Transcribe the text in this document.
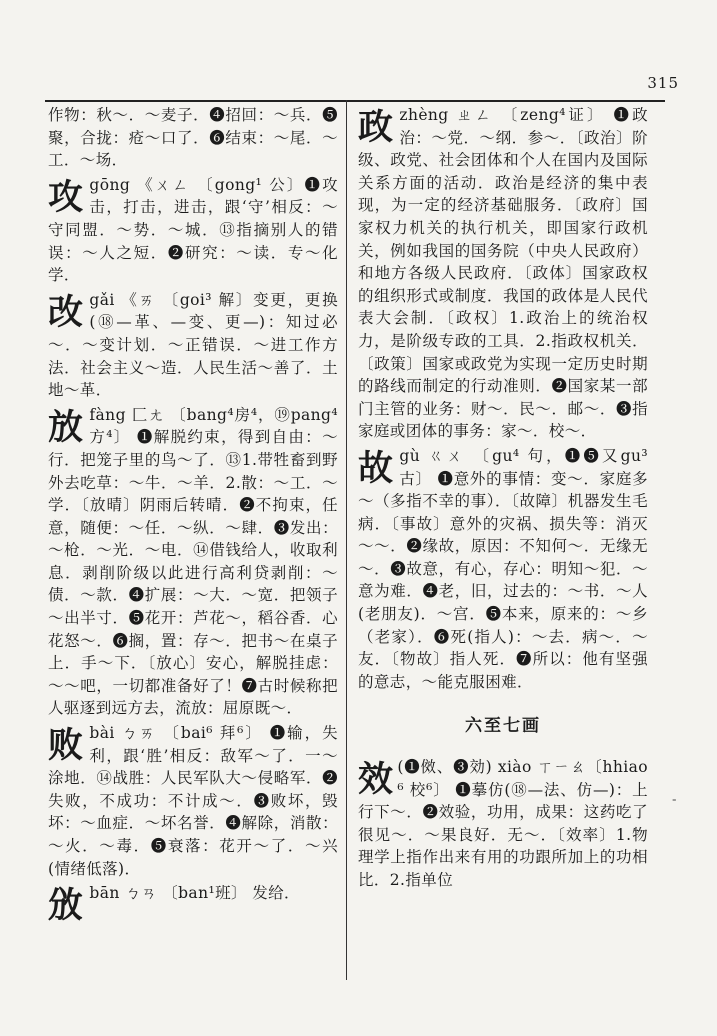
315

作物：秋～．～麦子．❹招回：～兵．❺聚，合拢：疮～口了．❻结束：～尾．～工．～场．

攻 gōng 《ㄨㄥ 〔gong¹ 公〕❶攻击，打击，进击，跟‘守’相反：～守同盟．～势．～城．⑬指摘别人的错误：～人之短．❷研究：～读．专～化学．

改 gǎi 《ㄞ 〔goi³ 解〕变更，更换(⑱—革、—变、更—)：知过必～．～变计划．～正错误．～进工作方法．社会主义～造．人民生活～善了．土地～革．

放 fàng 匚ㄤ 〔bang⁴房⁴，⑲pang⁴方⁴〕 ❶解脱约束，得到自由：～行．把笼子里的鸟～了．⑬1.带牲畜到野外去吃草：～牛．～羊．2.散：～工．～学．〔放晴〕阴雨后转晴．❷不拘束，任意，随便：～任．～纵．～肆．❸发出：～枪．～光．～电．⑭借钱给人，收取利息．剥削阶级以此进行高利贷剥削：～债．～款．❹扩展：～大．～宽．把领子～出半寸．❺花开：芦花～，稻谷香．心花怒～．❻搁，置：存～．把书～在桌子上．手～下．〔放心〕安心，解脱挂虑：～～吧，一切都准备好了！❼古时候称把人驱逐到远方去，流放：屈原既～．

败 bài ㄅㄞ 〔bai⁶ 拜⁶〕 ❶输，失利，跟‘胜’相反：敌军～了．一～涂地．⑭战胜：人民军队大～侵略军．❷失败，不成功：不计成～．❸败坏，毁坏：～血症．～坏名誉．❹解除，消散：～火．～毒．❺衰落：花开～了．～兴(情绪低落)．

攽 bān ㄅㄢ 〔ban¹班〕 发给．

政 zhèng ㄓㄥ 〔zeng⁴证〕 ❶政治：～党．～纲．参～．〔政治〕阶级、政党、社会团体和个人在国内及国际关系方面的活动．政治是经济的集中表现，为一定的经济基础服务．〔政府〕国家权力机关的执行机关，即国家行政机关，例如我国的国务院（中央人民政府）和地方各级人民政府．〔政体〕国家政权的组织形式或制度．我国的政体是人民代表大会制．〔政权〕1.政治上的统治权力，是阶级专政的工具．2.指政权机关．〔政策〕国家或政党为实现一定历史时期的路线而制定的行动准则．❷国家某一部门主管的业务：财～．民～．邮～．❸指家庭或团体的事务：家～．校～．

故 gù ㄍㄨ 〔gu⁴ 句，❶❺又gu³古〕 ❶意外的事情：变～．家庭多～（多指不幸的事）．〔故障〕机器发生毛病．〔事故〕意外的灾祸、损失等：消灭～～．❷缘故，原因：不知何～．无缘无～．❸故意，有心，存心：明知～犯．～意为难．❹老，旧，过去的：～书．～人(老朋友)．～宫．❺本来，原来的：～乡（老家）．❻死(指人)：～去．病～．～友．〔物故〕指人死．❼所以：他有坚强的意志，～能克服困难．

六至七画

效 (❶傚、❸効) xiào ㄒㄧㄠ〔hhiao⁶ 校⁶〕 ❶摹仿(⑱—法、仿—)：上行下～．❷效验，功用，成果：这药吃了很见～．～果良好．无～．〔效率〕1.物理学上指作出来有用的功跟所加上的功相比．2.指单位

˗
